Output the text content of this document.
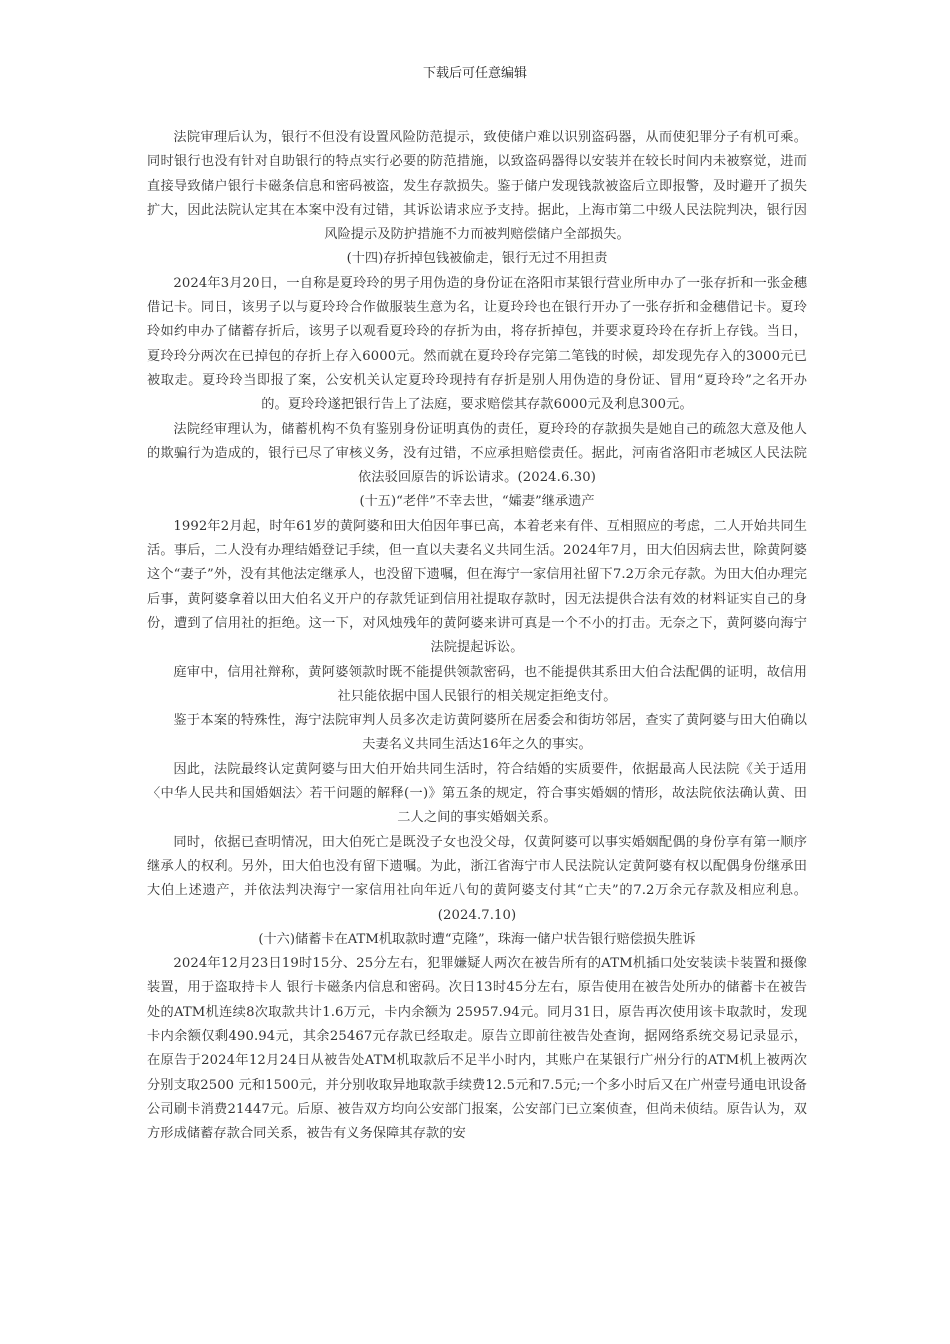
下载后可任意编辑

法院审理后认为，银行不但没有设置风险防范提示，致使储户难以识别盗码器，从而使犯罪分子有机可乘。同时银行也没有针对自助银行的特点实行必要的防范措施，以致盗码器得以安装并在较长时间内未被察觉，进而直接导致储户银行卡磁条信息和密码被盗，发生存款损失。鉴于储户发现钱款被盗后立即报警，及时避开了损失扩大，因此法院认定其在本案中没有过错，其诉讼请求应予支持。据此，上海市第二中级人民法院判决，银行因风险提示及防护措施不力而被判赔偿储户全部损失。

(十四)存折掉包钱被偷走，银行无过不用担责

2024年3月20日，一自称是夏玲玲的男子用伪造的身份证在洛阳市某银行营业所申办了一张存折和一张金穗借记卡。同日，该男子以与夏玲玲合作做服装生意为名，让夏玲玲也在银行开办了一张存折和金穗借记卡。夏玲玲如约申办了储蓄存折后，该男子以观看夏玲玲的存折为由，将存折掉包，并要求夏玲玲在存折上存钱。当日，夏玲玲分两次在已掉包的存折上存入6000元。然而就在夏玲玲存完第二笔钱的时候，却发现先存入的3000元已被取走。夏玲玲当即报了案，公安机关认定夏玲玲现持有存折是别人用伪造的身份证、冒用“夏玲玲”之名开办的。夏玲玲遂把银行告上了法庭，要求赔偿其存款6000元及利息300元。

法院经审理认为，储蓄机构不负有鉴别身份证明真伪的责任，夏玲玲的存款损失是她自己的疏忽大意及他人的欺骗行为造成的，银行已尽了审核义务，没有过错，不应承担赔偿责任。据此，河南省洛阳市老城区人民法院依法驳回原告的诉讼请求。(2024.6.30)

(十五)“老伴”不幸去世，“孀妻”继承遗产

1992年2月起，时年61岁的黄阿婆和田大伯因年事已高，本着老来有伴、互相照应的考虑，二人开始共同生活。事后，二人没有办理结婚登记手续，但一直以夫妻名义共同生活。2024年7月，田大伯因病去世，除黄阿婆这个“妻子”外，没有其他法定继承人，也没留下遗嘱，但在海宁一家信用社留下7.2万余元存款。为田大伯办理完后事，黄阿婆拿着以田大伯名义开户的存款凭证到信用社提取存款时，因无法提供合法有效的材料证实自己的身份，遭到了信用社的拒绝。这一下，对风烛残年的黄阿婆来讲可真是一个不小的打击。无奈之下，黄阿婆向海宁法院提起诉讼。

庭审中，信用社辩称，黄阿婆领款时既不能提供领款密码，也不能提供其系田大伯合法配偶的证明，故信用社只能依据中国人民银行的相关规定拒绝支付。

鉴于本案的特殊性，海宁法院审判人员多次走访黄阿婆所在居委会和街坊邻居，查实了黄阿婆与田大伯确以夫妻名义共同生活达16年之久的事实。

因此，法院最终认定黄阿婆与田大伯开始共同生活时，符合结婚的实质要件，依据最高人民法院《关于适用〈中华人民共和国婚姻法〉若干问题的解释(一)》第五条的规定，符合事实婚姻的情形，故法院依法确认黄、田二人之间的事实婚姻关系。

同时，依据已查明情况，田大伯死亡是既没子女也没父母，仅黄阿婆可以事实婚姻配偶的身份享有第一顺序继承人的权利。另外，田大伯也没有留下遗嘱。为此，浙江省海宁市人民法院认定黄阿婆有权以配偶身份继承田大伯上述遗产，并依法判决海宁一家信用社向年近八旬的黄阿婆支付其“亡夫”的7.2万余元存款及相应利息。(2024.7.10)

(十六)储蓄卡在ATM机取款时遭“克隆”，珠海一储户状告银行赔偿损失胜诉

2024年12月23日19时15分、25分左右，犯罪嫌疑人两次在被告所有的ATM机插口处安装读卡装置和摄像装置，用于盗取持卡人 银行卡磁条内信息和密码。次日13时45分左右，原告使用在被告处所办的储蓄卡在被告处的ATM机连续8次取款共计1.6万元，卡内余额为 25957.94元。同月31日，原告再次使用该卡取款时，发现卡内余额仅剩490.94元，其余25467元存款已经取走。原告立即前往被告处查询，据网络系统交易记录显示，在原告于2024年12月24日从被告处ATM机取款后不足半小时内，其账户在某银行广州分行的ATM机上被两次分别支取2500 元和1500元，并分别收取异地取款手续费12.5元和7.5元;一个多小时后又在广州壹号通电讯设备公司刷卡消费21447元。后原、被告双方均向公安部门报案，公安部门已立案侦查，但尚未侦结。原告认为，双方形成储蓄存款合同关系，被告有义务保障其存款的安
